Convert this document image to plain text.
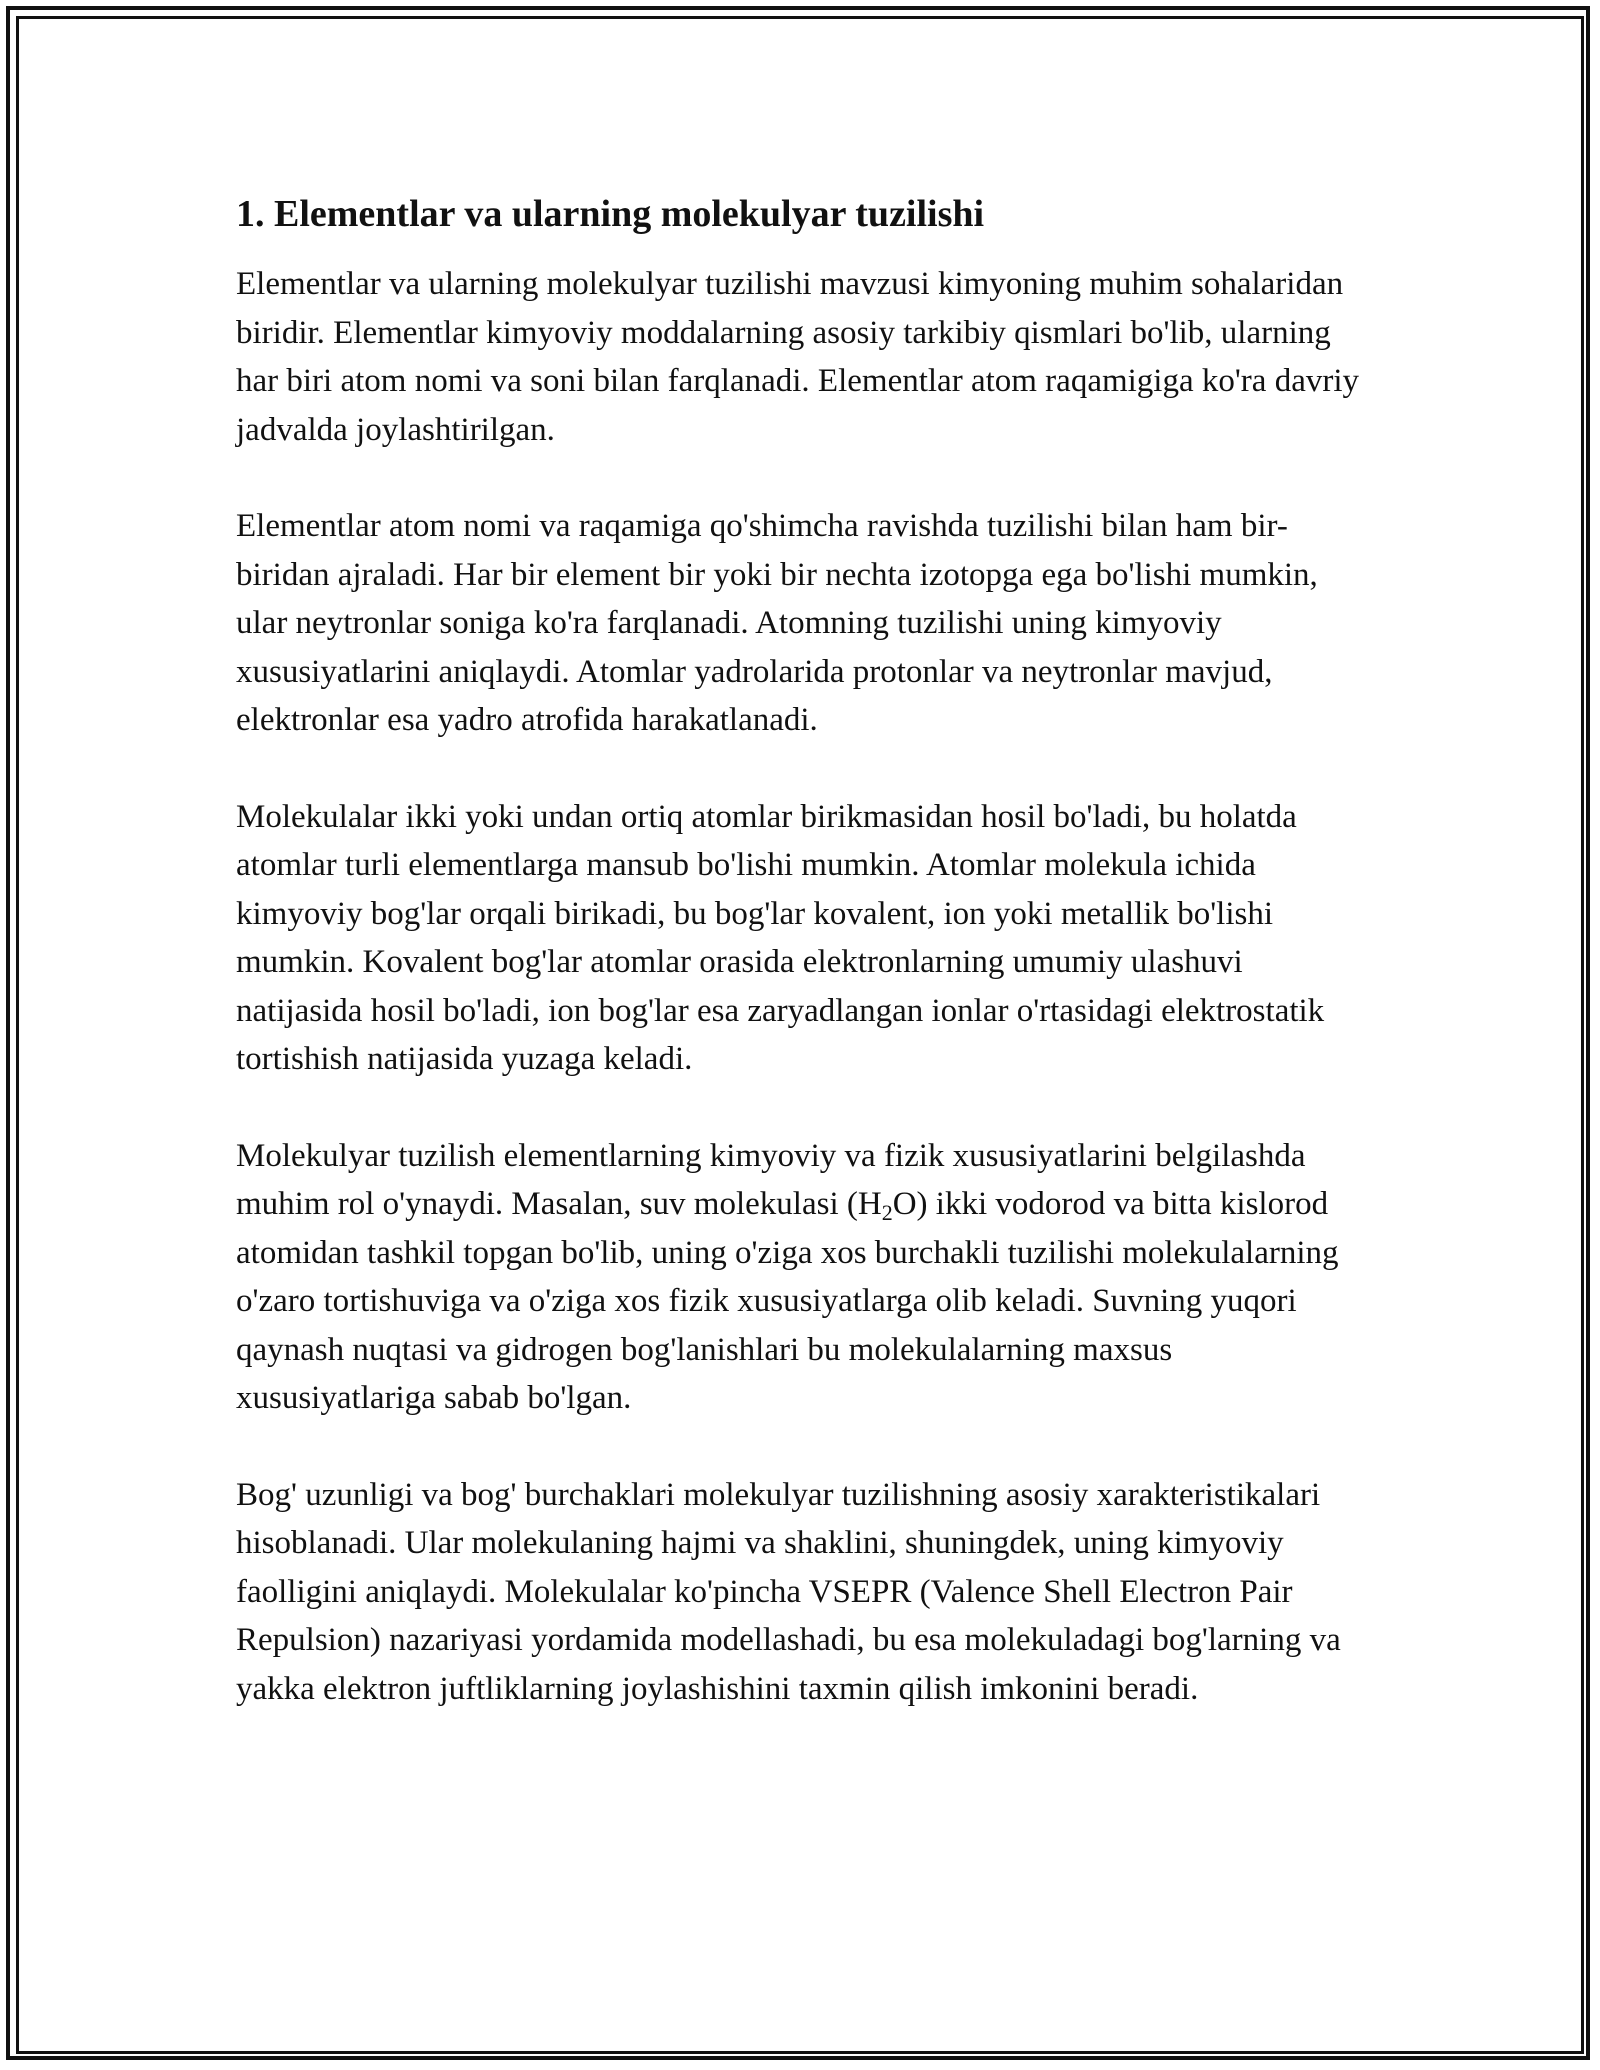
1. Elementlar va ularning molekulyar tuzilishi

Elementlar va ularning molekulyar tuzilishi mavzusi kimyoning muhim sohalaridan biridir. Elementlar kimyoviy moddalarning asosiy tarkibiy qismlari bo'lib, ularning har biri atom nomi va soni bilan farqlanadi. Elementlar atom raqamigiga ko'ra davriy jadvalda joylashtirilgan.

Elementlar atom nomi va raqamiga qo'shimcha ravishda tuzilishi bilan ham bir-biridan ajraladi. Har bir element bir yoki bir nechta izotopga ega bo'lishi mumkin, ular neytronlar soniga ko'ra farqlanadi. Atomning tuzilishi uning kimyoviy xususiyatlarini aniqlaydi. Atomlar yadrolarida protonlar va neytronlar mavjud, elektronlar esa yadro atrofida harakatlanadi.

Molekulalar ikki yoki undan ortiq atomlar birikmasidan hosil bo'ladi, bu holatda atomlar turli elementlarga mansub bo'lishi mumkin. Atomlar molekula ichida kimyoviy bog'lar orqali birikadi, bu bog'lar kovalent, ion yoki metallik bo'lishi mumkin. Kovalent bog'lar atomlar orasida elektronlarning umumiy ulashuvi natijasida hosil bo'ladi, ion bog'lar esa zaryadlangan ionlar o'rtasidagi elektrostatik tortishish natijasida yuzaga keladi.

Molekulyar tuzilish elementlarning kimyoviy va fizik xususiyatlarini belgilashda muhim rol o'ynaydi. Masalan, suv molekulasi $(H_2O)$ ikki vodorod va bitta kislorod atomidan tashkil topgan bo'lib, uning o'ziga xos burchakli tuzilishi molekulalarning o'zaro tortishuviga va o'ziga xos fizik xususiyatlarga olib keladi. Suvning yuqori qaynash nuqtasi va gidrogen bog'lanishlari bu molekulalarning maxsus xususiyatlariga sabab bo'lgan.

Bog' uzunligi va bog' burchaklari molekulyar tuzilishning asosiy xarakteristikalari hisoblanadi. Ular molekulaning hajmi va shaklini, shuningdek, uning kimyoviy faolligini aniqlaydi. Molekulalar ko'pincha VSEPR (Valence Shell Electron Pair Repulsion) nazariyasi yordamida modellashadi, bu esa molekuladagi bog'larning va yakka elektron juftliklarning joylashishini taxmin qilish imkonini beradi.
